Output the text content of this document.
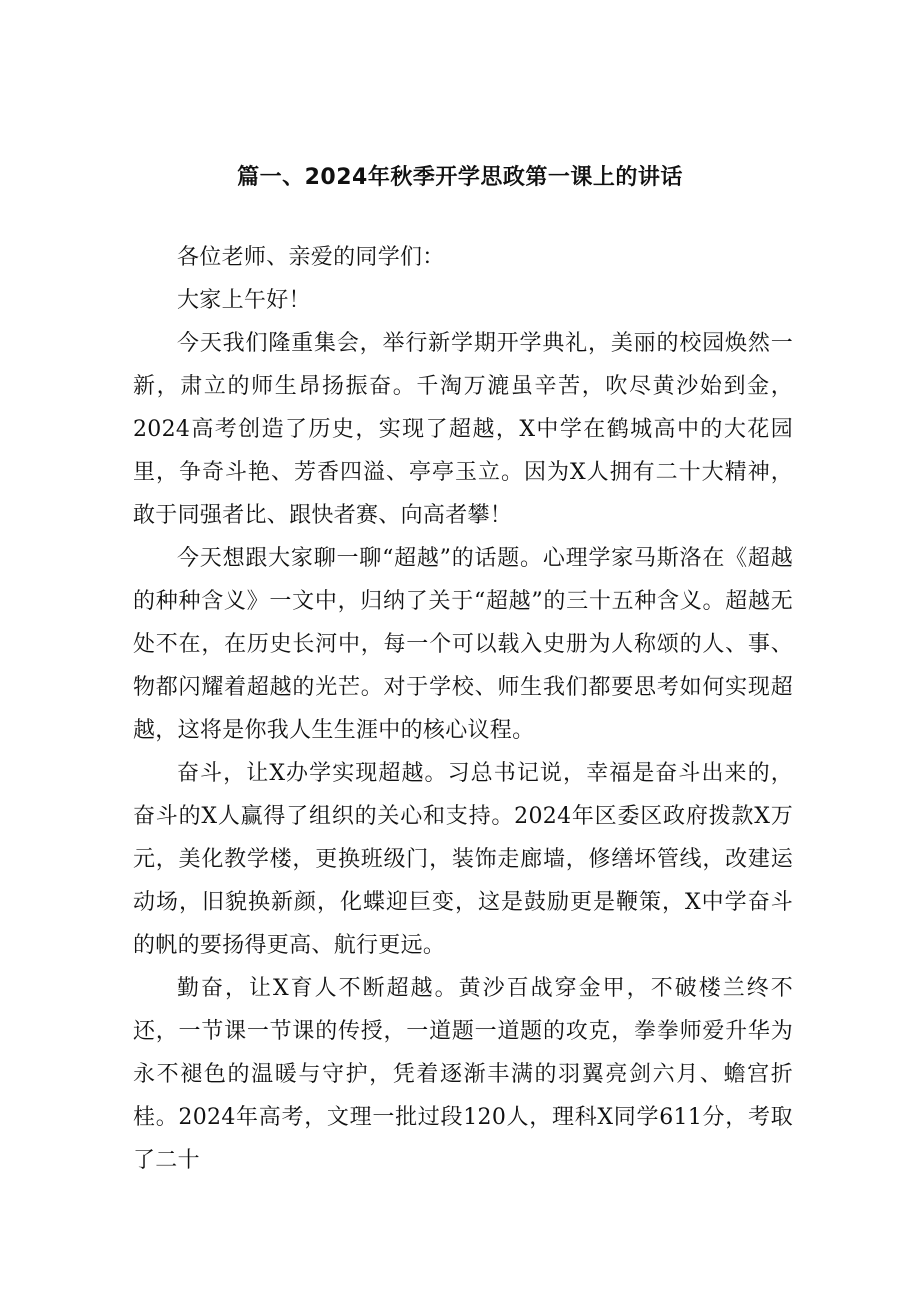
篇一、2024年秋季开学思政第一课上的讲话

各位老师、亲爱的同学们：

大家上午好！

今天我们隆重集会，举行新学期开学典礼，美丽的校园焕然一新，肃立的师生昂扬振奋。千淘万漉虽辛苦，吹尽黄沙始到金，2024高考创造了历史，实现了超越，X中学在鹤城高中的大花园里，争奇斗艳、芳香四溢、亭亭玉立。因为X人拥有二十大精神，敢于同强者比、跟快者赛、向高者攀！

今天想跟大家聊一聊“超越”的话题。心理学家马斯洛在《超越的种种含义》一文中，归纳了关于“超越”的三十五种含义。超越无处不在，在历史长河中，每一个可以载入史册为人称颂的人、事、物都闪耀着超越的光芒。对于学校、师生我们都要思考如何实现超越，这将是你我人生生涯中的核心议程。

奋斗，让X办学实现超越。习总书记说，幸福是奋斗出来的，奋斗的X人赢得了组织的关心和支持。2024年区委区政府拨款X万元，美化教学楼，更换班级门，装饰走廊墙，修缮坏管线，改建运动场，旧貌换新颜，化蝶迎巨变，这是鼓励更是鞭策，X中学奋斗的帆的要扬得更高、航行更远。

勤奋，让X育人不断超越。黄沙百战穿金甲，不破楼兰终不还，一节课一节课的传授，一道题一道题的攻克，拳拳师爱升华为永不褪色的温暖与守护，凭着逐渐丰满的羽翼亮剑六月、蟾宫折桂。2024年高考，文理一批过段120人，理科X同学611分，考取了二十
